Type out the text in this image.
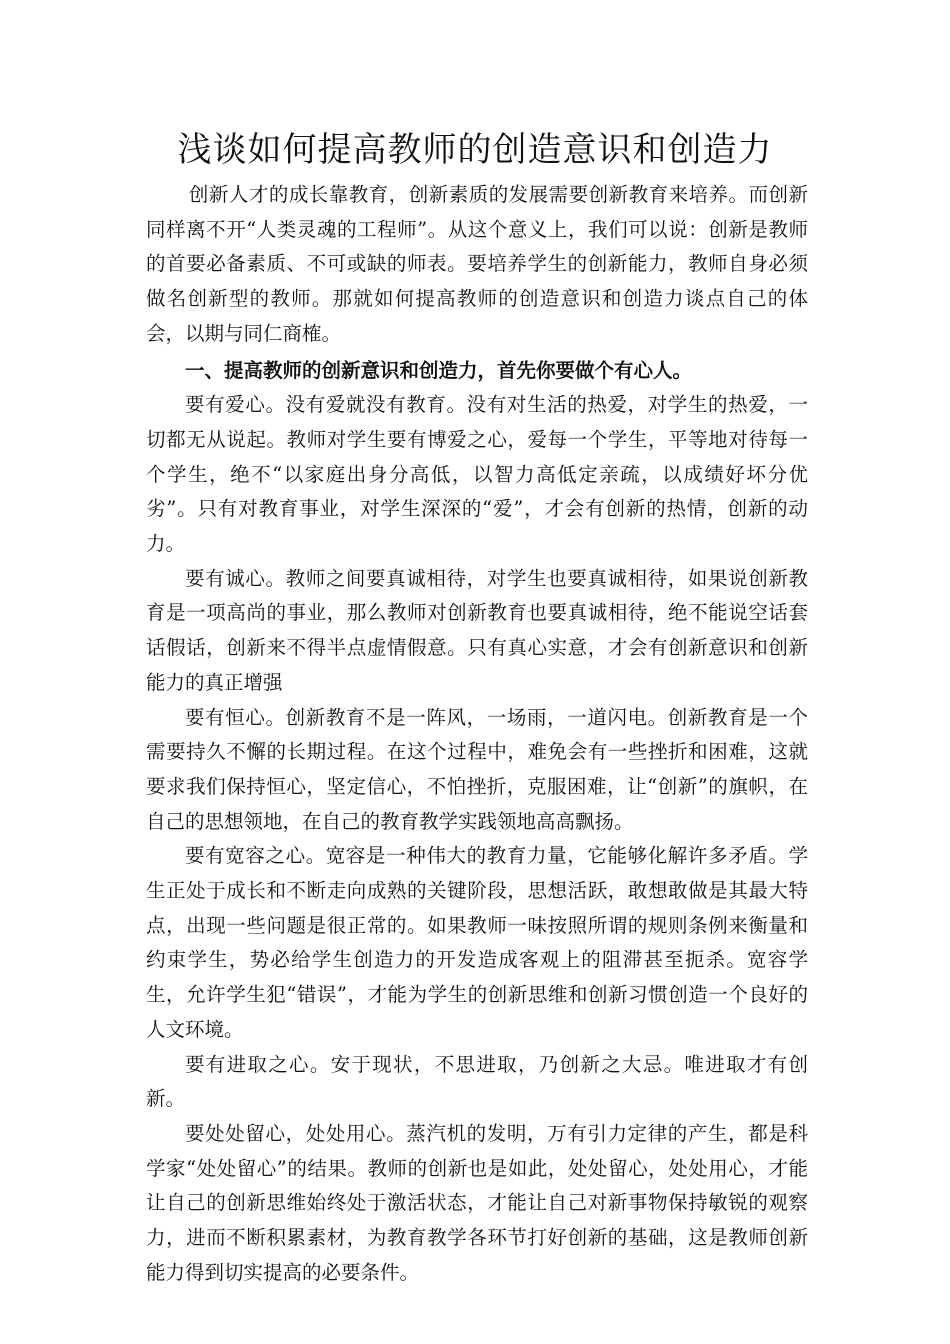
浅谈如何提高教师的创造意识和创造力

创新人才的成长靠教育，创新素质的发展需要创新教育来培养。而创新同样离不开“人类灵魂的工程师”。从这个意义上，我们可以说：创新是教师的首要必备素质、不可或缺的师表。要培养学生的创新能力，教师自身必须做名创新型的教师。那就如何提高教师的创造意识和创造力谈点自己的体会，以期与同仁商榷。

一、提高教师的创新意识和创造力，首先你要做个有心人。

要有爱心。没有爱就没有教育。没有对生活的热爱，对学生的热爱，一切都无从说起。教师对学生要有博爱之心，爱每一个学生，平等地对待每一个学生，绝不“以家庭出身分高低，以智力高低定亲疏，以成绩好坏分优劣”。只有对教育事业，对学生深深的“爱”，才会有创新的热情，创新的动力。

要有诚心。教师之间要真诚相待，对学生也要真诚相待，如果说创新教育是一项高尚的事业，那么教师对创新教育也要真诚相待，绝不能说空话套话假话，创新来不得半点虚情假意。只有真心实意，才会有创新意识和创新能力的真正增强

要有恒心。创新教育不是一阵风，一场雨，一道闪电。创新教育是一个需要持久不懈的长期过程。在这个过程中，难免会有一些挫折和困难，这就要求我们保持恒心，坚定信心，不怕挫折，克服困难，让“创新”的旗帜，在自己的思想领地，在自己的教育教学实践领地高高飘扬。

要有宽容之心。宽容是一种伟大的教育力量，它能够化解许多矛盾。学生正处于成长和不断走向成熟的关键阶段，思想活跃，敢想敢做是其最大特点，出现一些问题是很正常的。如果教师一味按照所谓的规则条例来衡量和约束学生，势必给学生创造力的开发造成客观上的阻滞甚至扼杀。宽容学生，允许学生犯“错误”，才能为学生的创新思维和创新习惯创造一个良好的人文环境。

要有进取之心。安于现状，不思进取，乃创新之大忌。唯进取才有创新。

要处处留心，处处用心。蒸汽机的发明，万有引力定律的产生，都是科学家“处处留心”的结果。教师的创新也是如此，处处留心，处处用心，才能让自己的创新思维始终处于激活状态，才能让自己对新事物保持敏锐的观察力，进而不断积累素材，为教育教学各环节打好创新的基础，这是教师创新能力得到切实提高的必要条件。
